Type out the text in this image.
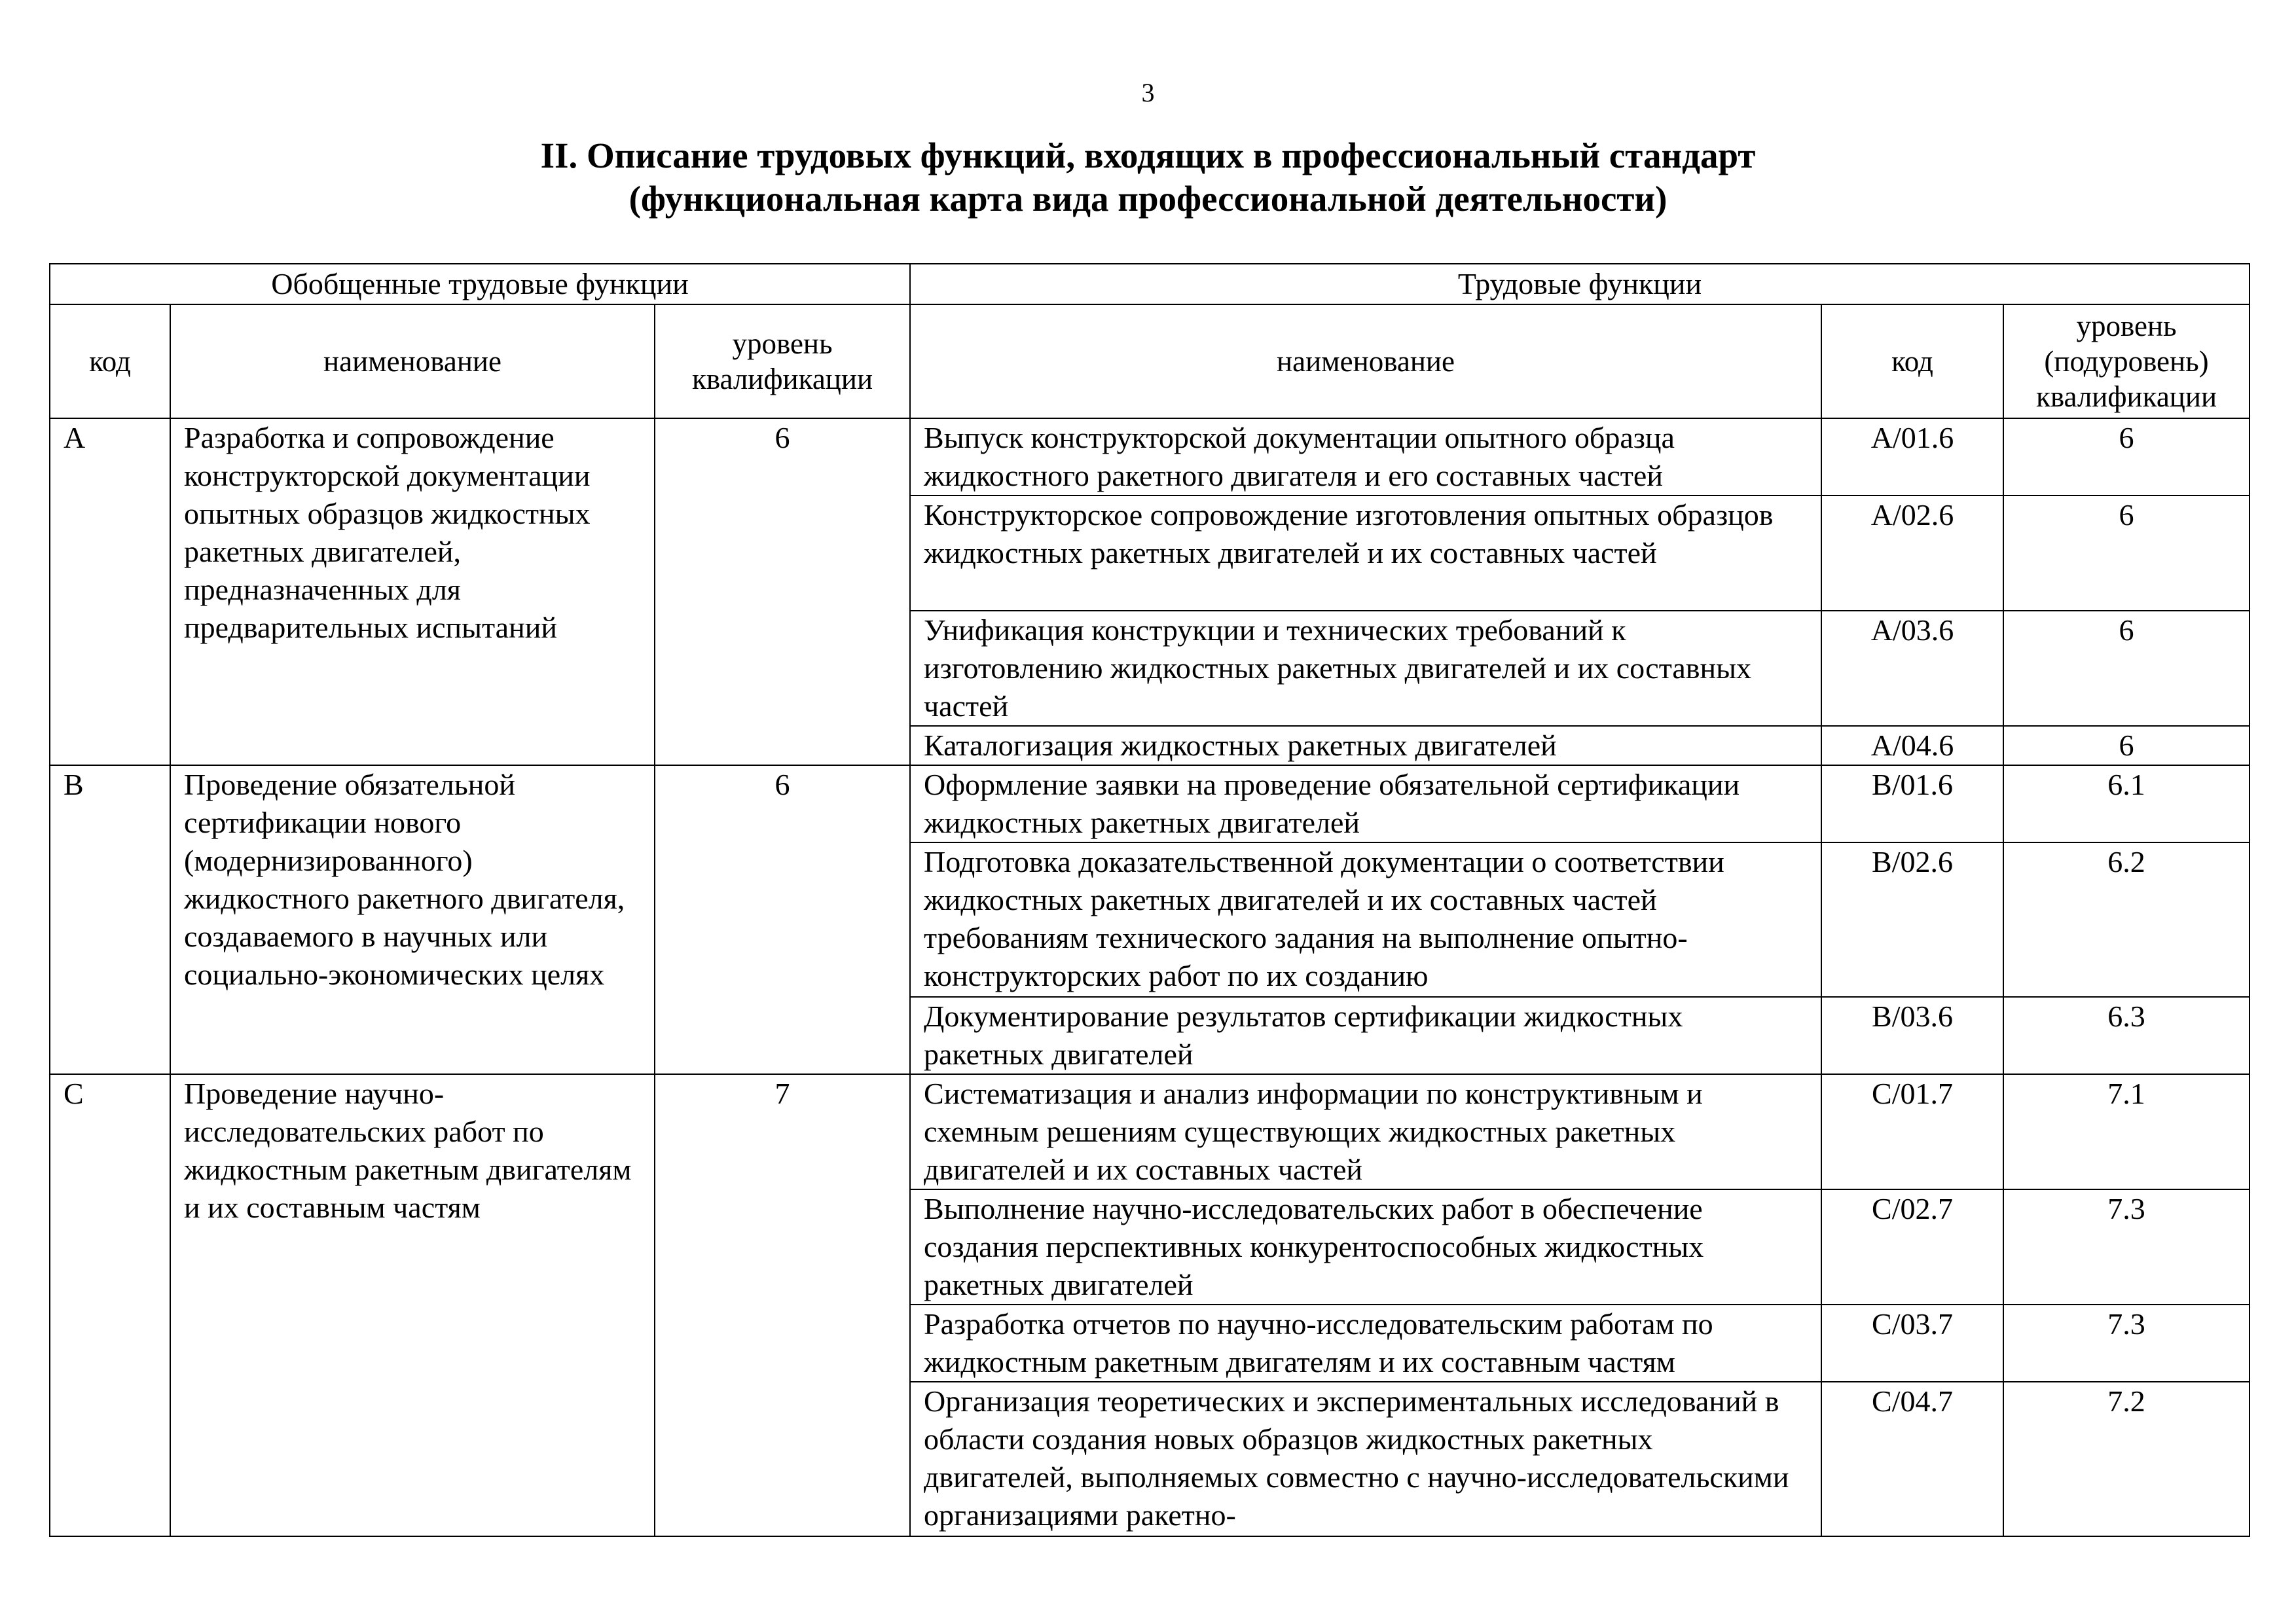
3
II. Описание трудовых функций, входящих в профессиональный стандарт
(функциональная карта вида профессиональной деятельности)
Обобщенные трудовые функции			Трудовые функции		
код	наименование	уровень квалификации	наименование	код	уровень (подуровень) квалификации
A	Разработка и сопровождение конструкторской документации опытных образцов жидкостных ракетных двигателей, предназначенных для предварительных испытаний	6	Выпуск конструкторской документации опытного образца жидкостного ракетного двигателя и его составных частей	A/01.6	6
			Конструкторское сопровождение изготовления опытных образцов жидкостных ракетных двигателей и их составных частей	A/02.6	6
			Унификация конструкции и технических требований к изготовлению жидкостных ракетных двигателей и их составных частей	A/03.6	6
			Каталогизация жидкостных ракетных двигателей	A/04.6	6
B	Проведение обязательной сертификации нового (модернизированного) жидкостного ракетного двигателя, создаваемого в научных или социально-экономических целях	6	Оформление заявки на проведение обязательной сертификации жидкостных ракетных двигателей	B/01.6	6.1
			Подготовка доказательственной документации о соответствии жидкостных ракетных двигателей и их составных частей требованиям технического задания на выполнение опытно-конструкторских работ по их созданию	B/02.6	6.2
			Документирование результатов сертификации жидкостных ракетных двигателей	B/03.6	6.3
C	Проведение научно-исследовательских работ по жидкостным ракетным двигателям и их составным частям	7	Систематизация и анализ информации по конструктивным и схемным решениям существующих жидкостных ракетных двигателей и их составных частей	C/01.7	7.1
			Выполнение научно-исследовательских работ в обеспечение создания перспективных конкурентоспособных жидкостных ракетных двигателей	C/02.7	7.3
			Разработка отчетов по научно-исследовательским работам по жидкостным ракетным двигателям и их составным частям	C/03.7	7.3
			Организация теоретических и экспериментальных исследований в области создания новых образцов жидкостных ракетных двигателей, выполняемых совместно с научно-исследовательскими организациями ракетно-	C/04.7	7.2
